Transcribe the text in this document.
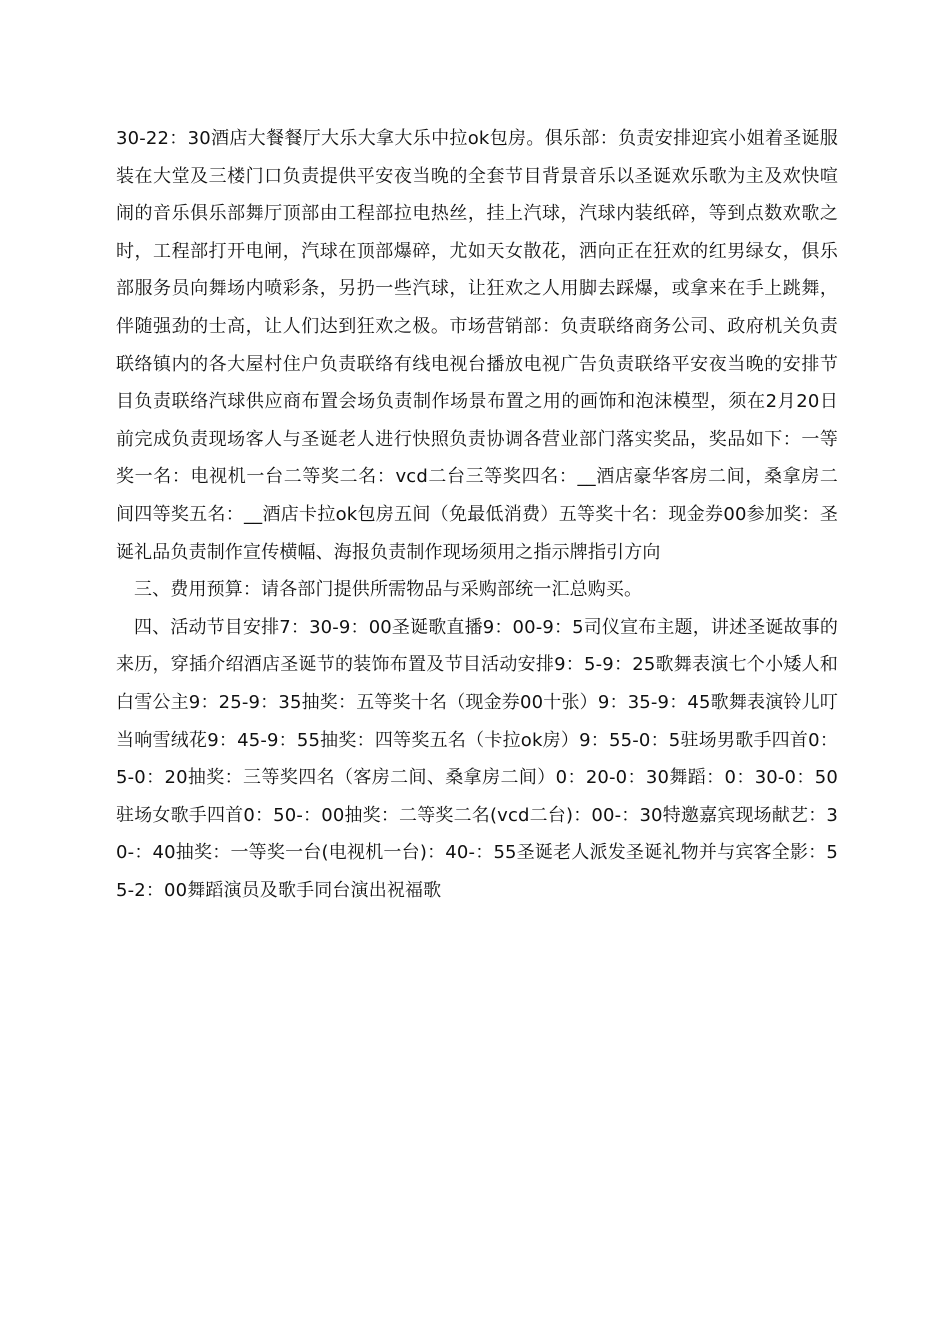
30-22：30酒店大餐餐厅大乐大拿大乐中拉ok包房。俱乐部：负责安排迎宾小姐着圣诞服装在大堂及三楼门口负责提供平安夜当晚的全套节目背景音乐以圣诞欢乐歌为主及欢快喧闹的音乐俱乐部舞厅顶部由工程部拉电热丝，挂上汽球，汽球内装纸碎，等到点数欢歌之时，工程部打开电闸，汽球在顶部爆碎，尤如天女散花，洒向正在狂欢的红男绿女，俱乐部服务员向舞场内喷彩条，另扔一些汽球，让狂欢之人用脚去踩爆，或拿来在手上跳舞，伴随强劲的士高，让人们达到狂欢之极。市场营销部：负责联络商务公司、政府机关负责联络镇内的各大屋村住户负责联络有线电视台播放电视广告负责联络平安夜当晚的安排节目负责联络汽球供应商布置会场负责制作场景布置之用的画饰和泡沫模型，须在2月20日前完成负责现场客人与圣诞老人进行快照负责协调各营业部门落实奖品，奖品如下：一等奖一名：电视机一台二等奖二名：vcd二台三等奖四名：__酒店豪华客房二间，桑拿房二间四等奖五名：__酒店卡拉ok包房五间（免最低消费）五等奖十名：现金券00参加奖：圣诞礼品负责制作宣传横幅、海报负责制作现场须用之指示牌指引方向

三、费用预算：请各部门提供所需物品与采购部统一汇总购买。

四、活动节目安排7：30-9：00圣诞歌直播9：00-9：5司仪宣布主题，讲述圣诞故事的来历，穿插介绍酒店圣诞节的装饰布置及节目活动安排9：5-9：25歌舞表演七个小矮人和白雪公主9：25-9：35抽奖：五等奖十名（现金券00十张）9：35-9：45歌舞表演铃儿叮当响雪绒花9：45-9：55抽奖：四等奖五名（卡拉ok房）9：55-0：5驻场男歌手四首0：5-0：20抽奖：三等奖四名（客房二间、桑拿房二间）0：20-0：30舞蹈：0：30-0：50驻场女歌手四首0：50-：00抽奖：二等奖二名(vcd二台)：00-：30特邀嘉宾现场献艺：30-：40抽奖：一等奖一台(电视机一台)：40-：55圣诞老人派发圣诞礼物并与宾客全影：55-2：00舞蹈演员及歌手同台演出祝福歌
